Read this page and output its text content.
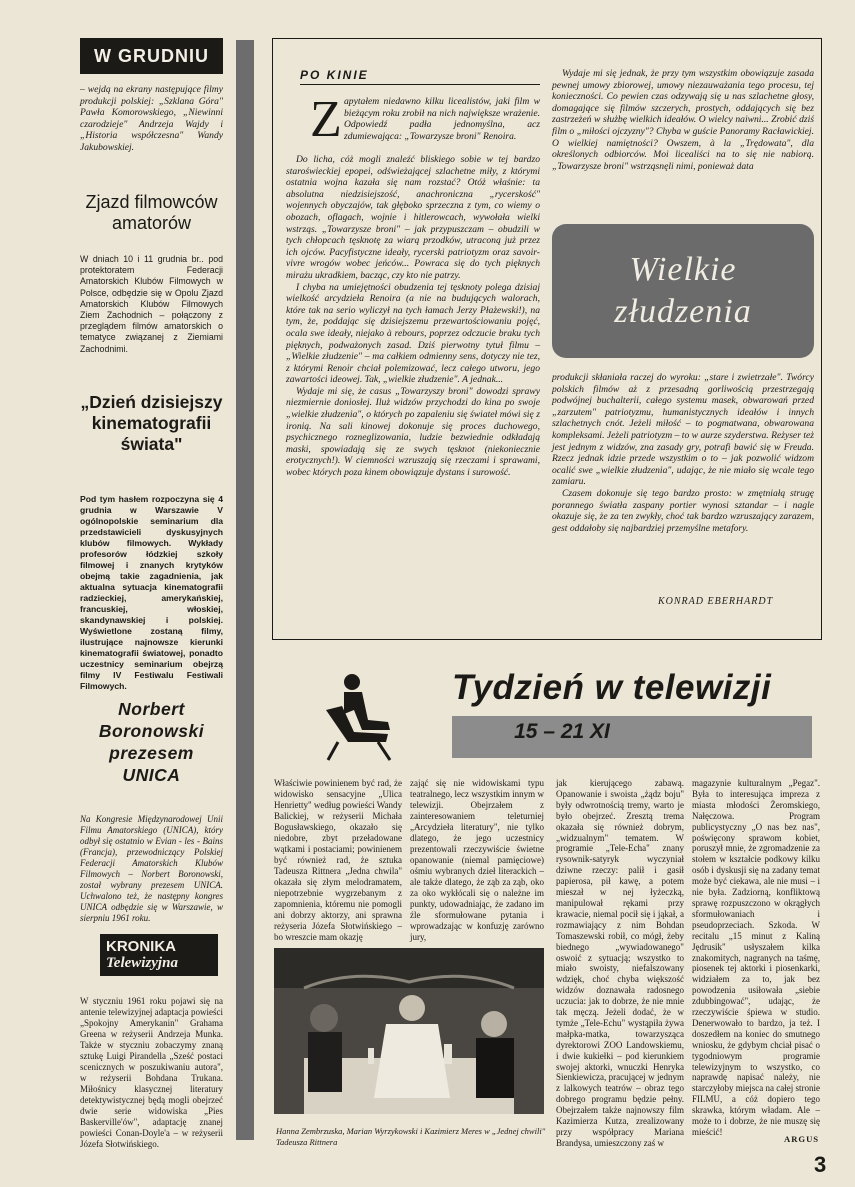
W GRUDNIU
– wejdą na ekrany następujące filmy produkcji polskiej: „Szklana Góra" Pawła Komorowskiego, „Niewinni czarodzieje" Andrzeja Wajdy i „Historia współczesna" Wandy Jakubowskiej.
Zjazd filmowców amatorów
W dniach 10 i 11 grudnia br.. pod protektoratem Federacji Amatorskich Klubów Filmowych w Polsce, odbędzie się w Opolu Zjazd Amatorskich Klubów Filmowych Ziem Zachodnich – połączony z przeglądem filmów amatorskich o tematyce związanej z Ziemiami Zachodnimi.
„Dzień dzisiejszy kinematografii świata"
Pod tym hasłem rozpoczyna się 4 grudnia w Warszawie V ogólnopolskie seminarium dla przedstawicieli dyskusyjnych klubów filmowych. Wykłady profesorów łódzkiej szkoły filmowej i znanych krytyków obejmą takie zagadnienia, jak aktualna sytuacja kinematografii radzieckiej, amerykańskiej, francuskiej, włoskiej, skandynawskiej i polskiej. Wyświetlone zostaną filmy, ilustrujące najnowsze kierunki kinematografii światowej, ponadto uczestnicy seminarium obejrzą filmy IV Festiwalu Festiwali Filmowych.
Norbert Boronowski prezesem UNICA
Na Kongresie Międzynarodowej Unii Filmu Amatorskiego (UNICA), który odbył się ostatnio w Evian - les - Bains (Francja), przewodniczący Polskiej Federacji Amatorskich Klubów Filmowych – Norbert Boronowski, został wybrany prezesem UNICA. Uchwalono też, że następny kongres UNICA odbędzie się w Warszawie, w sierpniu 1961 roku.
KRONIKA
Telewizyjna
W styczniu 1961 roku pojawi się na antenie telewizyjnej adaptacja powieści „Spokojny Amerykanin" Grahama Greena w reżyserii Andrzeja Munka. Także w styczniu zobaczymy znaną sztukę Luigi Pirandella „Sześć postaci scenicznych w poszukiwaniu autora", w reżyserii Bohdana Trukana. Miłośnicy klasycznej literatury detektywistycznej będą mogli obejrzeć dwie serie widowiska „Pies Baskerville'ów", adaptację znanej powieści Conan-Doyle'a – w reżyserii Józefa Słotwińskiego.
PO KINIE
Z apytałem niedawno kilku licealistów, jaki film w bieżącym roku zrobił na nich największe wrażenie. Odpowiedź padła jednomyślna, acz zdumiewająca: „Towarzysze broni" Renoira.

Do licha, cóż mogli znaleźć bliskiego sobie w tej bardzo staroświeckiej epopei, odświeżającej szlachetne miły, z którymi ostatnia wojna kazała się nam rozstać? Otóż właśnie: ta absolutna niedzisiejszość, anachroniczna „rycerskość" wojennych obyczajów, tak głęboko sprzeczna z tym, co wiemy o obozach, oflagach, wojnie i hitlerowcach, wywołała wielki wstrząs. „Towarzysze broni" – jak przypuszczam – obudzili w tych chłopcach tęsknotę za wiarą przodków, utraconą już przez ich ojców. Pacyfistyczne ideały, rycerski patriotyzm oraz savoir-vivre wrogów wobec jeńców... Powraca się do tych pięknych mirażu ukradkiem, bacząc, czy kto nie patrzy.

I chyba na umiejętności obudzenia tej tęsknoty polega dzisiaj wielkość arcydzieła Renoira (a nie na budujących walorach, które tak na serio wyliczył na tych łamach Jerzy Płażewski!), na tym, że, poddając się dzisiejszemu przewartościowaniu pojęć, ocala swe ideały, niejako à rebours, poprzez odczucie braku tych pięknych, podważonych zasad. Dziś pierwotny tytuł filmu – „Wielkie złudzenie" – ma całkiem odmienny sens, dotyczy nie tez, z którymi Renoir chciał polemizować, lecz całego utworu, jego zawartości ideowej. Tak, „wielkie złudzenie". A jednak...

Wydaje mi się, że casus „Towarzyszy broni" dowodzi sprawy niezmiernie doniosłej. Iluż widzów przychodzi do kina po swoje „wielkie złudzenia", o których po zapaleniu się świateł mówi się z ironią. Na sali kinowej dokonuje się proces duchowego, psychicznego rozneglizowania, ludzie bezwiednie odkładają maski, spowiadają się ze swych tęsknot (niekoniecznie erotycznych!). W ciemności wzruszają się rzeczami i sprawami, wobec których poza kinem obowiązuje dystans i surowość.

Wydaje mi się jednak, że przy tym wszystkim obowiązuje zasada pewnej umowy zbiorowej, umowy niezauważania tego procesu, tej konieczności. Co pewien czas odzywają się u nas szlachetne głosy, domagające się filmów szczerych, prostych, oddających się bez zastrzeżeń w służbę wielkich ideałów. O wielcy naiwni... Zrobić dziś film o „miłości ojczyzny"? Chyba w guście Panoramy Racławickiej. O wielkiej namiętności? Owszem, à la „Trędowata", dla określonych odbiorców. Moi licealiści na to się nie nabiorą. „Towarzysze broni" wstrząsnęli nimi, ponieważ data

Wielkie
złudzenia

produkcji skłaniała raczej do wyroku: „stare i zwietrzałe". Twórcy polskich filmów aż z przesadną gorliwością przestrzegają podwójnej buchalterii, całego systemu masek, obwarowań przed „zarzutem" patriotyzmu, humanistycznych ideałów i innych szlachetnych cnót. Jeżeli miłość – to pogmatwana, obwarowana kompleksami. Jeżeli patriotyzm – to w aurze szyderstwa. Reżyser też jest jednym z widzów, zna zasady gry, potrafi bawić się w Freuda. Rzecz jednak idzie przede wszystkim o to – jak pozwolić widzom ocalić swe „wielkie złudzenia", udając, że nie miało się wcale tego zamiaru.

Czasem dokonuje się tego bardzo prosto: w zmętniałą strugę porannego światła zaspany portier wynosi sztandar – i nagle okazuje się, że za ten zwykły, choć tak bardzo wzruszający zarazem, gest oddałoby się najbardziej przemyślne metafory.

KONRAD EBERHARDT
Tydzień w telewizji
15 – 21 XI
Właściwie powinienem być rad, że widowisko sensacyjne „Ulica Henrietty" według powieści Wandy Balickiej, w reżyserii Michała Bogusławskiego, okazało się niedobre, zbyt przeładowane wątkami i postaciami; powinienem być również rad, że sztuka Tadeusza Rittnera „Jedna chwila" okazała się złym melodramatem, niepotrzebnie wygrzebanym z zapomnienia, któremu nie pomogli ani dobrzy aktorzy, ani sprawna reżyseria Józefa Słotwińskiego – bo wreszcie mam okazję
zająć się nie widowiskami typu teatralnego, lecz wszystkim innym w telewizji. Obejrzałem z zainteresowaniem teleturniej „Arcydzieła literatury", nie tylko dlatego, że jego uczestnicy prezentowali rzeczywiście świetne opanowanie (niemal pamięciowe) ośmiu wybranych dzieł literackich – ale także dlatego, że ząb za ząb, oko za oko wykłócali się o należne im punkty, udowadniając, że zadano im źle sformułowane pytania i wprowadzając w konfuzję zarówno jury,
Hanna Zembrzuska, Marian Wyrzykowski i Kazimierz Meres w „Jednej chwili" Tadeusza Rittnera
jak kierującego zabawą. Opanowanie i swoista „żądz boju" były odwrotnością tremy, warto je było obejrzeć. Zresztą trema okazała się również dobrym, „widzualnym" tematem. W programie „Tele-Echa" znany rysownik-satyryk wyczyniał dziwne rzeczy: palił i gasił papierosa, pił kawę, a potem mieszał w nej łyżeczką, manipulował rękami przy krawacie, niemal pocił się i jąkał, a rozmawiający z nim Bohdan Tomaszewski robił, co mógł, żeby biednego „wywiadowanego" oswoić z sytuacją; wszystko to miało swoisty, niefalszowany wdzięk, choć chyba większość widzów doznawała radosnego uczucia: jak to dobrze, że nie mnie tak męczą. Jeżeli dodać, że w tymże „Tele-Echu" wystąpiła żywa małpka-matka, towarzysząca dyrektorowi ZOO Landowskiemu, i dwie kukiełki – pod kierunkiem swojej aktorki, wnuczki Henryka Sienkiewicza, pracującej w jednym z lalkowych teatrów – obraz tego dobrego programu będzie pełny. Obejrzałem także najnowszy film Kazimierza Kutza, zrealizowany przy współpracy Mariana Brandysa, umieszczony zaś w
magazynie kulturalnym „Pegaz". Była to interesująca impreza z miasta młodości Żeromskiego, Nałęczowa. Program publicystyczny „O nas bez nas", poświęcony sprawom kobiet, poruszył mnie, że zgromadzenie za stołem w kształcie podkowy kilku osób i dyskusji się na zadany temat może być ciekawa, ale nie musi – i nie była. Zadziorną, konfliktową sprawę rozpuszczono w okrągłych sformułowaniach i pseudoprzeciach. Szkoda. W recitalu „15 minut z Kaliną Jędrusik" usłyszałem kilka znakomitych, nagranych na taśmę, piosenek tej aktorki i piosenkarki, widziałem za to, jak bez powodzenia usiłowała „siebie zdubbingować", udając, że rzeczywiście śpiewa w studio. Denerwowało to bardzo, ja też. I doszedłem na koniec do smutnego wniosku, że gdybym chciał pisać o tygodniowym programie telewizyjnym to wszystko, co naprawdę napisać należy, nie starczyłoby miejsca na całej stronie FILMU, a cóż dopiero tego skrawka, którym władam. Ale – może to i dobrze, że nie muszę się mieścić!
ARGUS
3
